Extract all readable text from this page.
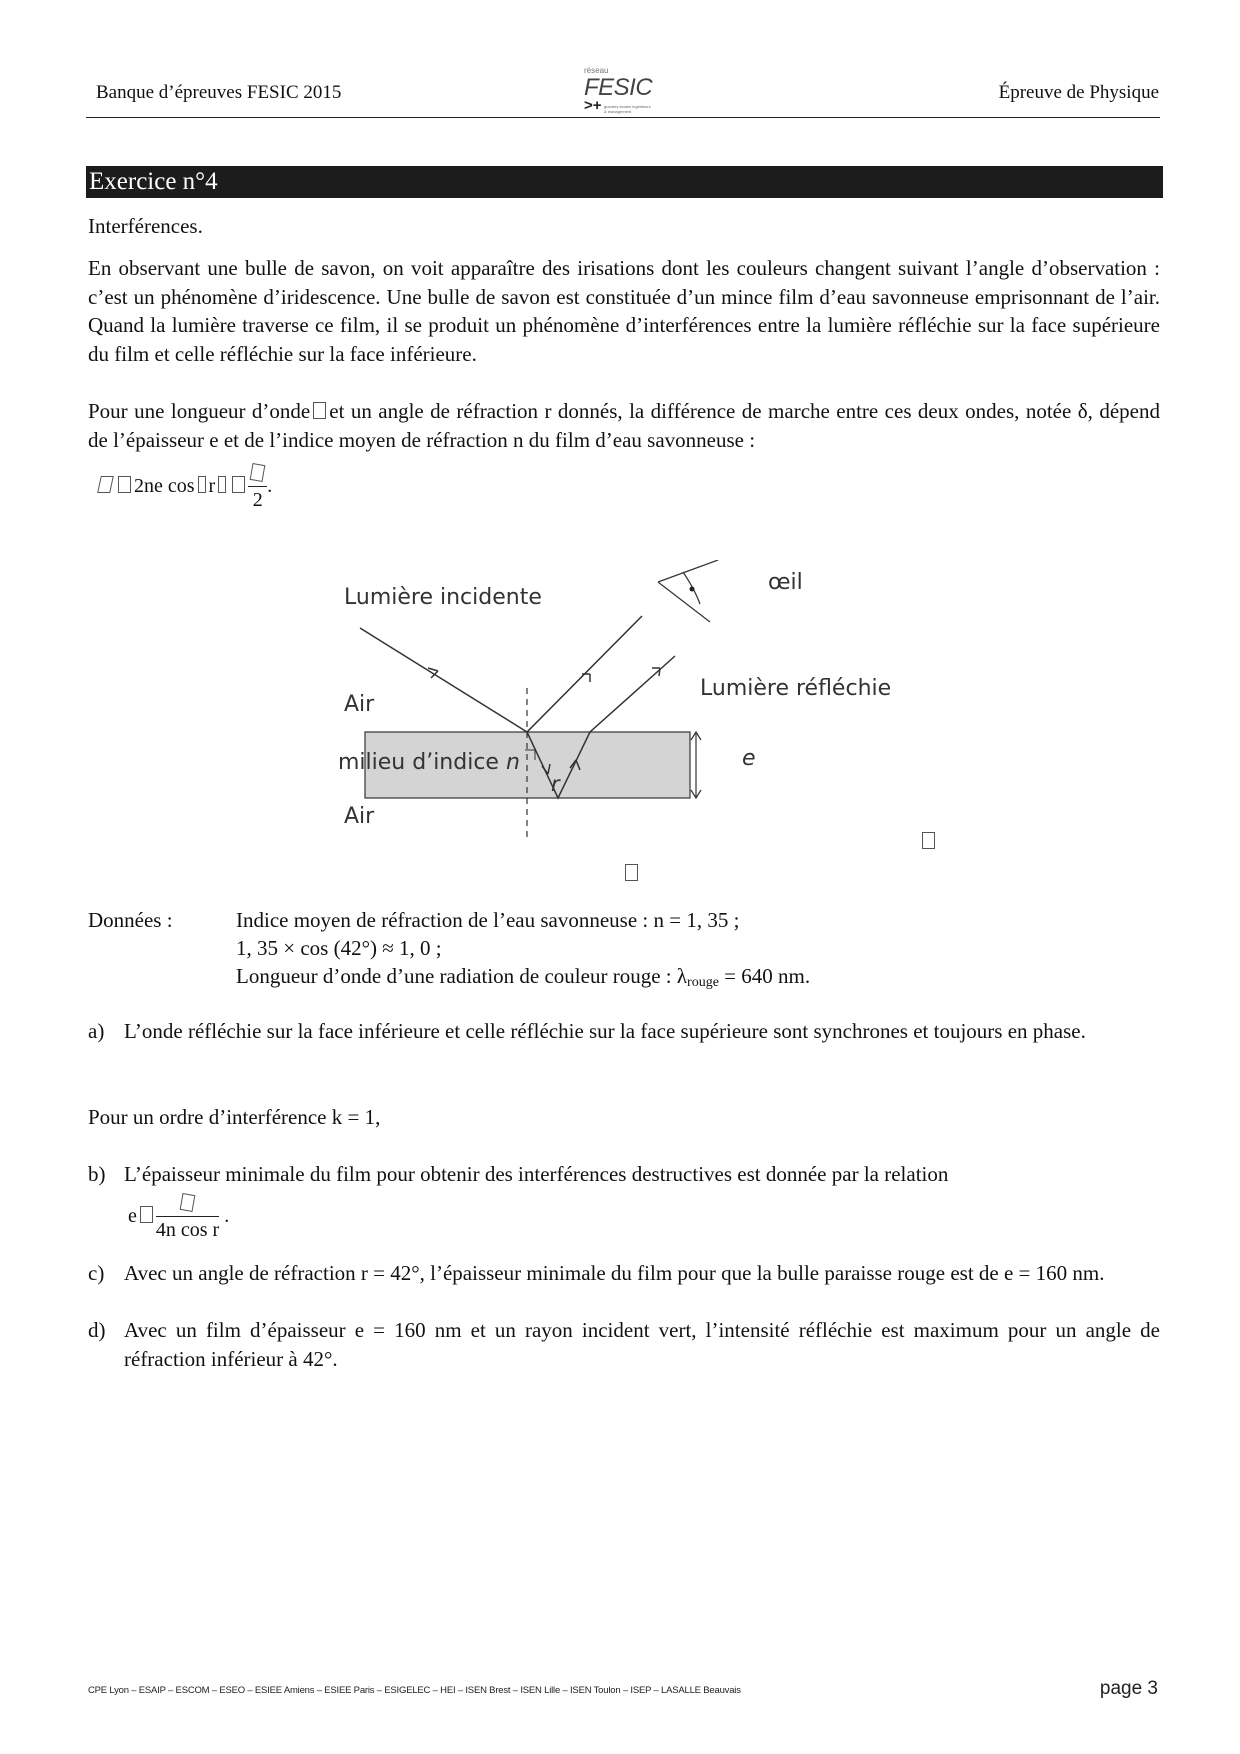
Banque d’épreuves FESIC 2015
réseau
FESIC
>+ grandes écoles ingénieurs & management
Épreuve de Physique
Exercice n°4
Interférences.
En observant une bulle de savon, on voit apparaître des irisations dont les couleurs changent suivant l’angle d’observation : c’est un phénomène d’iridescence. Une bulle de savon est constituée d’un mince film d’eau savonneuse emprisonnant de l’air. Quand la lumière traverse ce film, il se produit un phénomène d’interférences entre la lumière réfléchie sur la face supérieure du film et celle réfléchie sur la face inférieure.
Pour une longueur d’onde et un angle de réfraction r donnés, la différence de marche entre ces deux ondes, notée δ, dépend de l’épaisseur e et de l’indice moyen de réfraction n du film d’eau savonneuse :
2ne cos r
2
.
Lumière incidente
œil
Lumière réfléchie
Air
milieu d’indice n
Air
r
e
Données :	Indice moyen de réfraction de l’eau savonneuse : n = 1, 35 ;
1, 35 × cos (42°) ≈ 1, 0 ;
Longueur d’onde d’une radiation de couleur rouge : $\lambda_{rouge} = 640$ nm.
a) L’onde réfléchie sur la face inférieure et celle réfléchie sur la face supérieure sont synchrones et toujours en phase.
Pour un ordre d’interférence k = 1,
b) L’épaisseur minimale du film pour obtenir des interférences destructives est donnée par la relation
e
4n cos r
.
c) Avec un angle de réfraction r = 42°, l’épaisseur minimale du film pour que la bulle paraisse rouge est de e = 160 nm.
d) Avec un film d’épaisseur e = 160 nm et un rayon incident vert, l’intensité réfléchie est maximum pour un angle de réfraction inférieur à 42°.
CPE Lyon – ESAIP – ESCOM – ESEO – ESIEE Amiens – ESIEE Paris – ESIGELEC – HEI – ISEN Brest – ISEN Lille – ISEN Toulon – ISEP – LASALLE Beauvais	page 3
